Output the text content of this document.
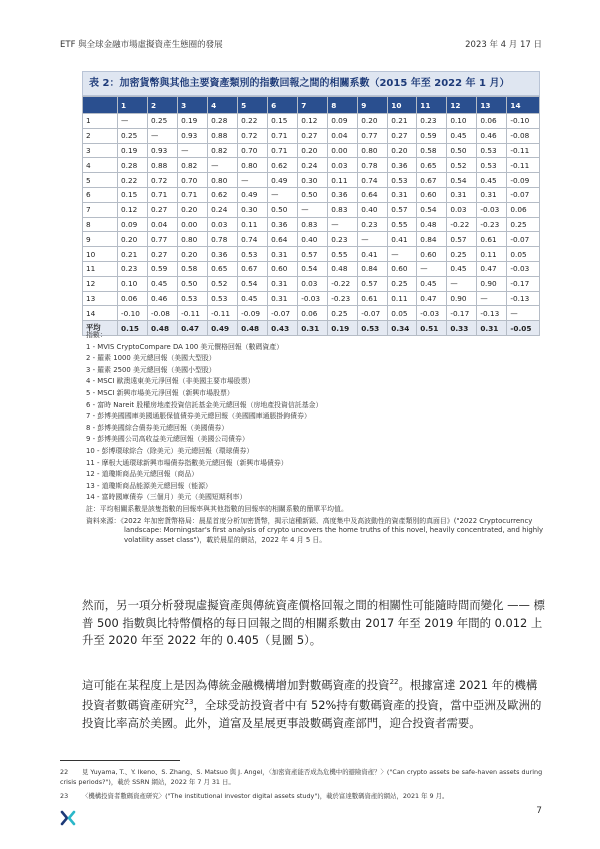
ETF 與全球金融市場虛擬資產生態圈的發展	2023 年 4 月 17 日
表 2：加密貨幣與其他主要資產類別的指數回報之間的相關系數（2015 年至 2022 年 1 月）
	1	2	3	4	5	6	7	8	9	10	11	12	13	14
1	—	0.25	0.19	0.28	0.22	0.15	0.12	0.09	0.20	0.21	0.23	0.10	0.06	-0.10
2	0.25	—	0.93	0.88	0.72	0.71	0.27	0.04	0.77	0.27	0.59	0.45	0.46	-0.08
3	0.19	0.93	—	0.82	0.70	0.71	0.20	0.00	0.80	0.20	0.58	0.50	0.53	-0.11
4	0.28	0.88	0.82	—	0.80	0.62	0.24	0.03	0.78	0.36	0.65	0.52	0.53	-0.11
5	0.22	0.72	0.70	0.80	—	0.49	0.30	0.11	0.74	0.53	0.67	0.54	0.45	-0.09
6	0.15	0.71	0.71	0.62	0.49	—	0.50	0.36	0.64	0.31	0.60	0.31	0.31	-0.07
7	0.12	0.27	0.20	0.24	0.30	0.50	—	0.83	0.40	0.57	0.54	0.03	-0.03	0.06
8	0.09	0.04	0.00	0.03	0.11	0.36	0.83	—	0.23	0.55	0.48	-0.22	-0.23	0.25
9	0.20	0.77	0.80	0.78	0.74	0.64	0.40	0.23	—	0.41	0.84	0.57	0.61	-0.07
10	0.21	0.27	0.20	0.36	0.53	0.31	0.57	0.55	0.41	—	0.60	0.25	0.11	0.05
11	0.23	0.59	0.58	0.65	0.67	0.60	0.54	0.48	0.84	0.60	—	0.45	0.47	-0.03
12	0.10	0.45	0.50	0.52	0.54	0.31	0.03	-0.22	0.57	0.25	0.45	—	0.90	-0.17
13	0.06	0.46	0.53	0.53	0.45	0.31	-0.03	-0.23	0.61	0.11	0.47	0.90	—	-0.13
14	-0.10	-0.08	-0.11	-0.11	-0.09	-0.07	0.06	0.25	-0.07	0.05	-0.03	-0.17	-0.13	—
平均	0.15	0.48	0.47	0.49	0.48	0.43	0.31	0.19	0.53	0.34	0.51	0.33	0.31	-0.05
指數：
1 - MVIS CryptoCompare DA 100 美元價格回報（數碼資產）
2 - 羅素 1000 美元總回報（美國大型股）
3 - 羅素 2500 美元總回報（美國小型股）
4 - MSCI 歐澳遠東美元淨回報（非美國主要市場股票）
5 - MSCI 新興市場美元淨回報（新興市場股票）
6 - 富時 Nareit 股權房地產投資信託基金美元總回報（房地產投資信託基金）
7 - 彭博美國國庫美國通脹保值債券美元總回報（美國國庫通脹掛鉤債券）
8 - 彭博美國綜合債券美元總回報（美國債券）
9 - 彭博美國公司高收益美元總回報（美國公司債券）
10 - 彭博環球綜合（除美元）美元總回報（環球債券）
11 - 摩根大通環球新興市場債券指數美元總回報（新興市場債券）
12 - 道瓊斯商品美元總回報（商品）
13 - 道瓊斯商品能源美元總回報（能源）
14 - 富時國庫債券（三個月）美元（美國短期利率）
註：平均相關系數是該隻指數的回報率與其他指數的回報率的相關系數的簡單平均值。
資料來源：《2022 年加密貨幣格局：晨星首度分析加密貨幣，揭示這種新穎、高度集中及高波動性的資產類別的真面目》("2022 Cryptocurrency landscape: Morningstar's first analysis of crypto uncovers the home truths of this novel, heavily concentrated, and highly volatility asset class")，載於晨星的網站，2022 年 4 月 5 日。
然而，另一項分析發現虛擬資產與傳統資產價格回報之間的相關性可能隨時間而變化 —— 標普 500 指數與比特幣價格的每日回報之間的相關系數由 2017 年至 2019 年間的 0.012 上升至 2020 年至 2022 年的 0.405（見圖 5）。
這可能在某程度上是因為傳統金融機構增加對數碼資產的投資$^{22}$。根據富達 2021 年的機構投資者數碼資產研究$^{23}$，全球受訪投資者中有 52%持有數碼資產的投資，當中亞洲及歐洲的投資比率高於美國。此外，道富及星展更事設數碼資產部門，迎合投資者需要。
22 見 Yuyama, T.、Y. Ikeno、S. Zhang、S. Matsuo 與 J. Angel，〈加密資產能否成為危機中的避險資產？〉("Can crypto assets be safe-haven assets during crisis periods?")，載於 SSRN 網站，2022 年 7 月 31 日。
23 〈機構投資者數碼資產研究〉("The institutional investor digital assets study")，載於富達數碼資產的網站，2021 年 9 月。
7
